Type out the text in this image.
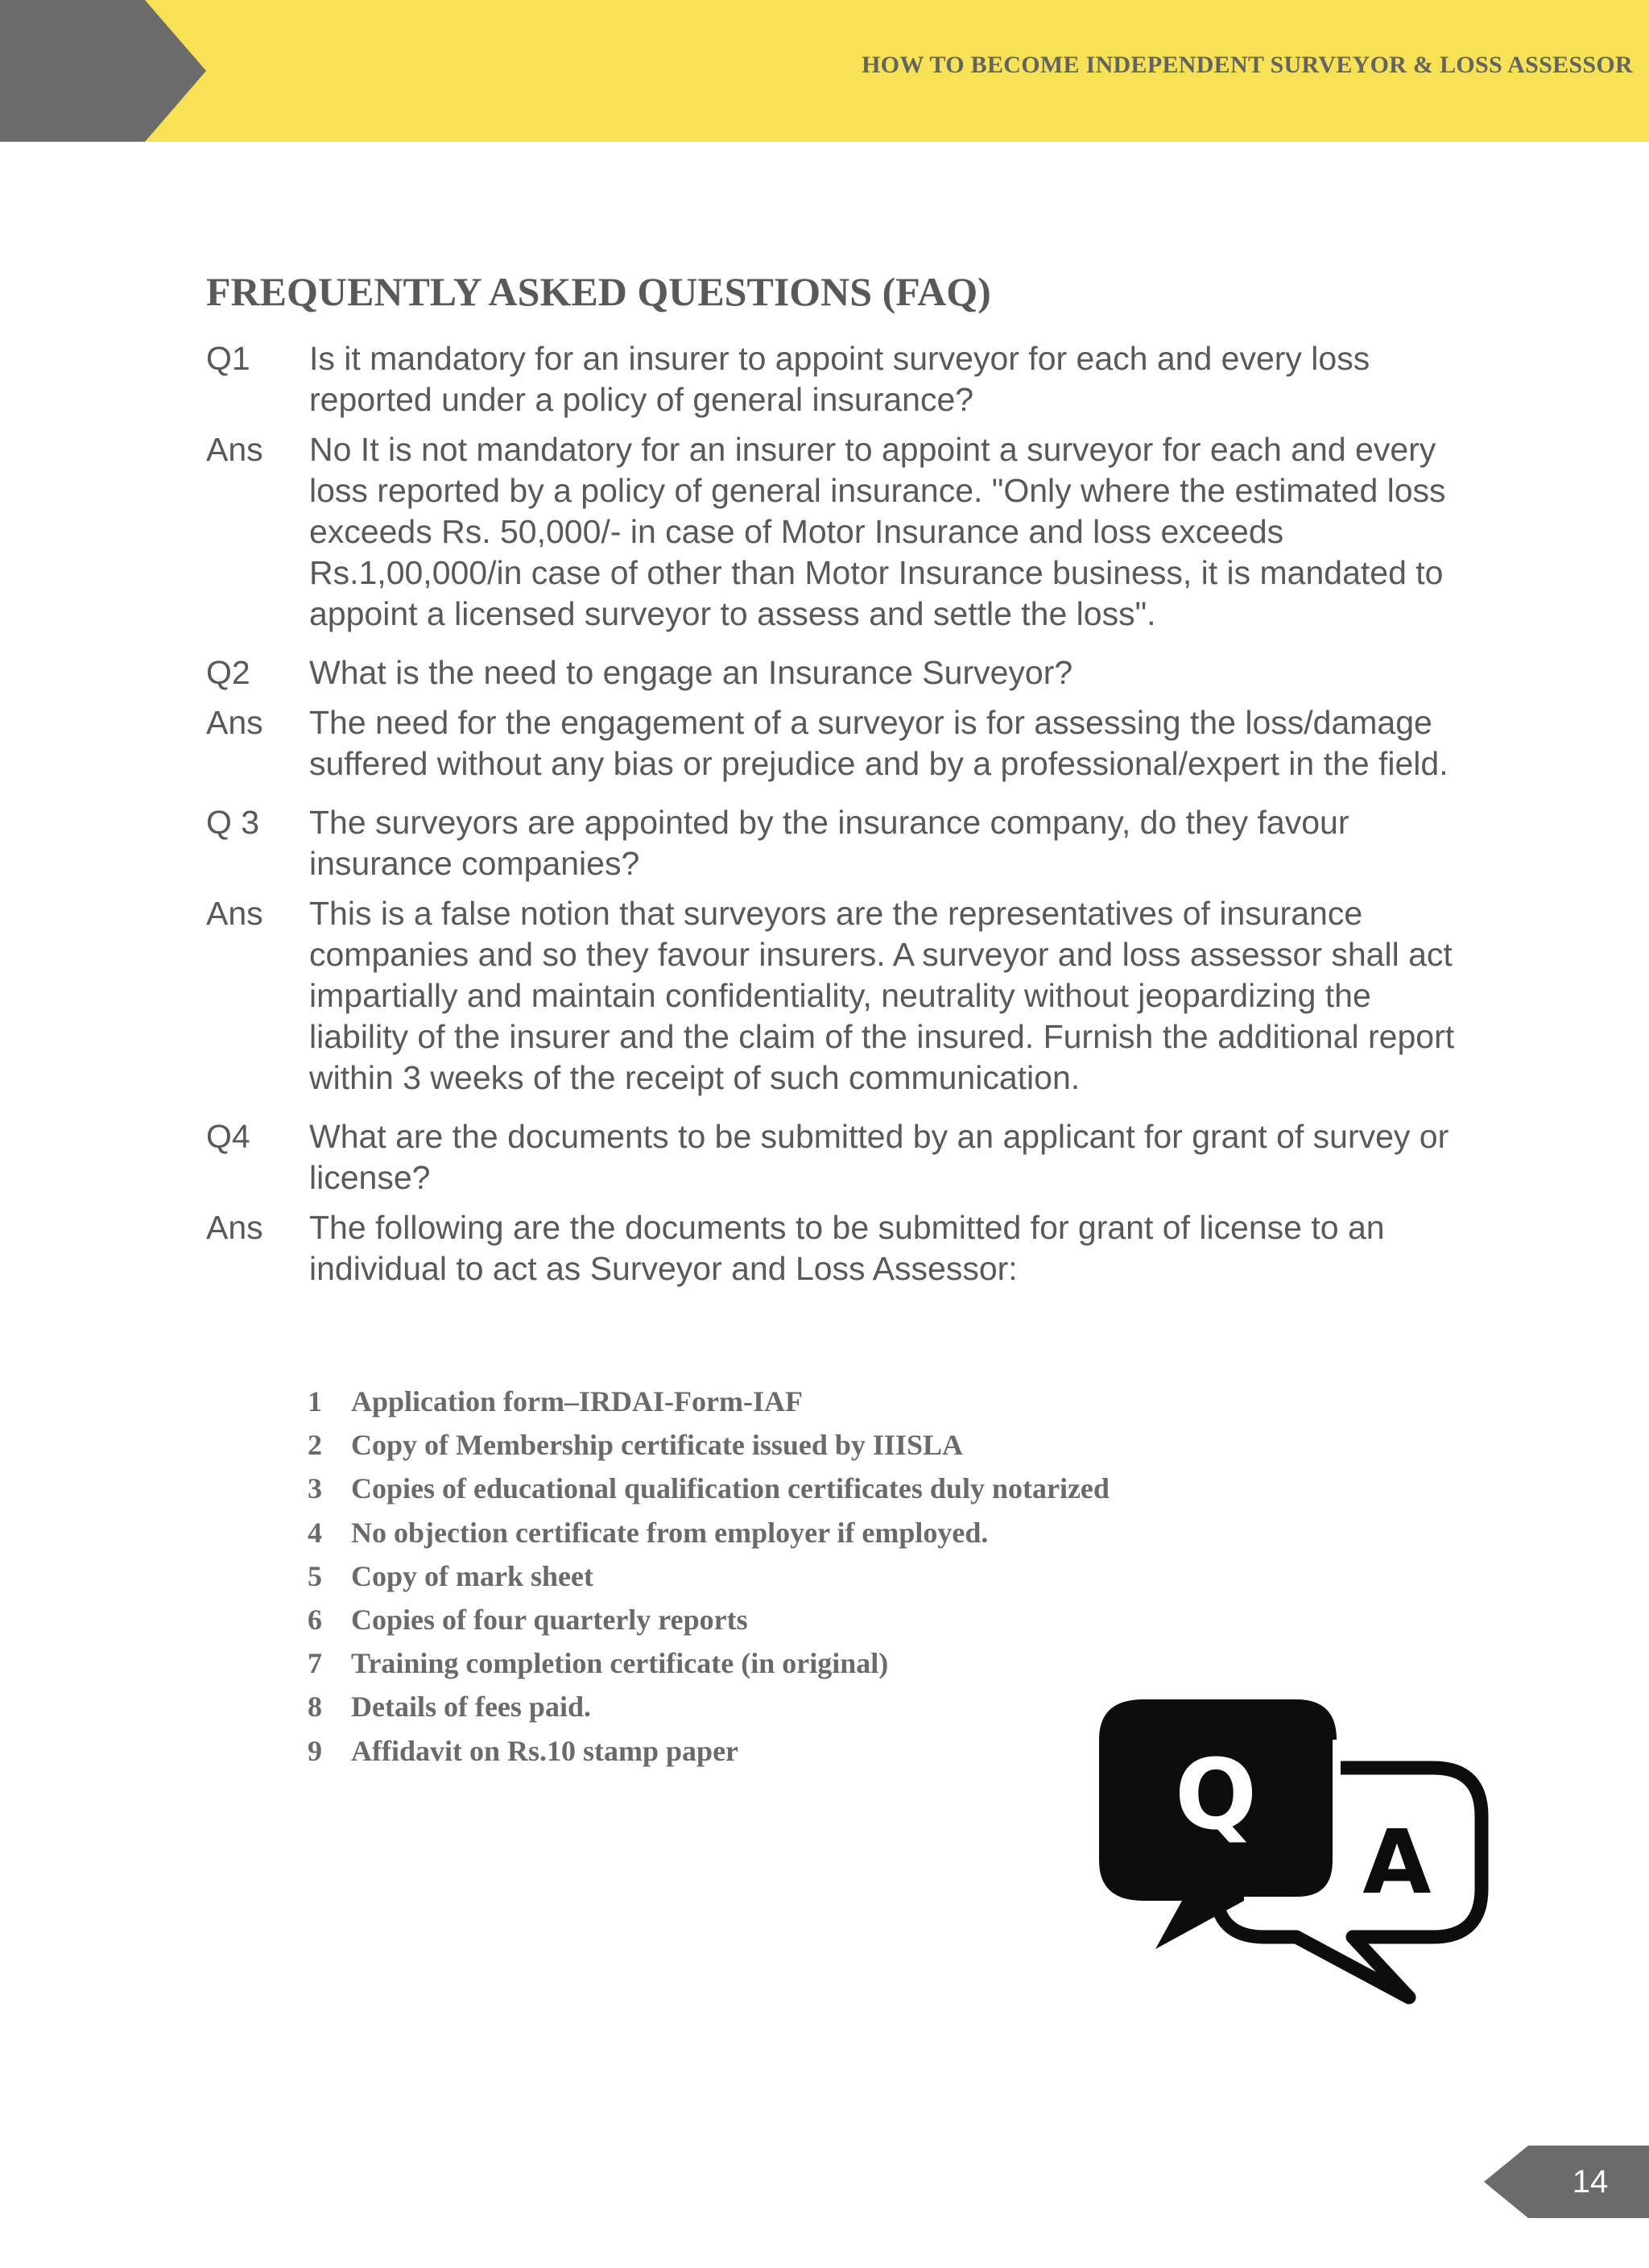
HOW TO BECOME INDEPENDENT SURVEYOR & LOSS ASSESSOR
FREQUENTLY ASKED QUESTIONS (FAQ)
Q1	Is it mandatory for an insurer to appoint surveyor for each and every loss reported under a policy of general insurance?
Ans	No It is not mandatory for an insurer to appoint a surveyor for each and every loss reported by a policy of general insurance. "Only where the estimated loss exceeds Rs. 50,000/- in case of Motor Insurance and loss exceeds Rs.1,00,000/in case of other than Motor Insurance business, it is mandated to appoint a licensed surveyor to assess and settle the loss".
Q2	What is the need to engage an Insurance Surveyor?
Ans	The need for the engagement of a surveyor is for assessing the loss/damage suffered without any bias or prejudice and by a professional/expert in the field.
Q 3	The surveyors are appointed by the insurance company, do they favour insurance companies?
Ans	This is a false notion that surveyors are the representatives of insurance companies and so they favour insurers. A surveyor and loss assessor shall act impartially and maintain confidentiality, neutrality without jeopardizing the liability of the insurer and the claim of the insured. Furnish the additional report within 3 weeks of the receipt of such communication.
Q4	What are the documents to be submitted by an applicant for grant of survey or license?
Ans	The following are the documents to be submitted for grant of license to an individual to act as Surveyor and Loss Assessor:
1	Application form–IRDAI-Form-IAF
2	Copy of Membership certificate issued by IIISLA
3	Copies of educational qualification certificates duly notarized
4	No objection certificate from employer if employed.
5	Copy of mark sheet
6	Copies of four quarterly reports
7	Training completion certificate (in original)
8	Details of fees paid.
9	Affidavit on Rs.10 stamp paper	Q
A
14
